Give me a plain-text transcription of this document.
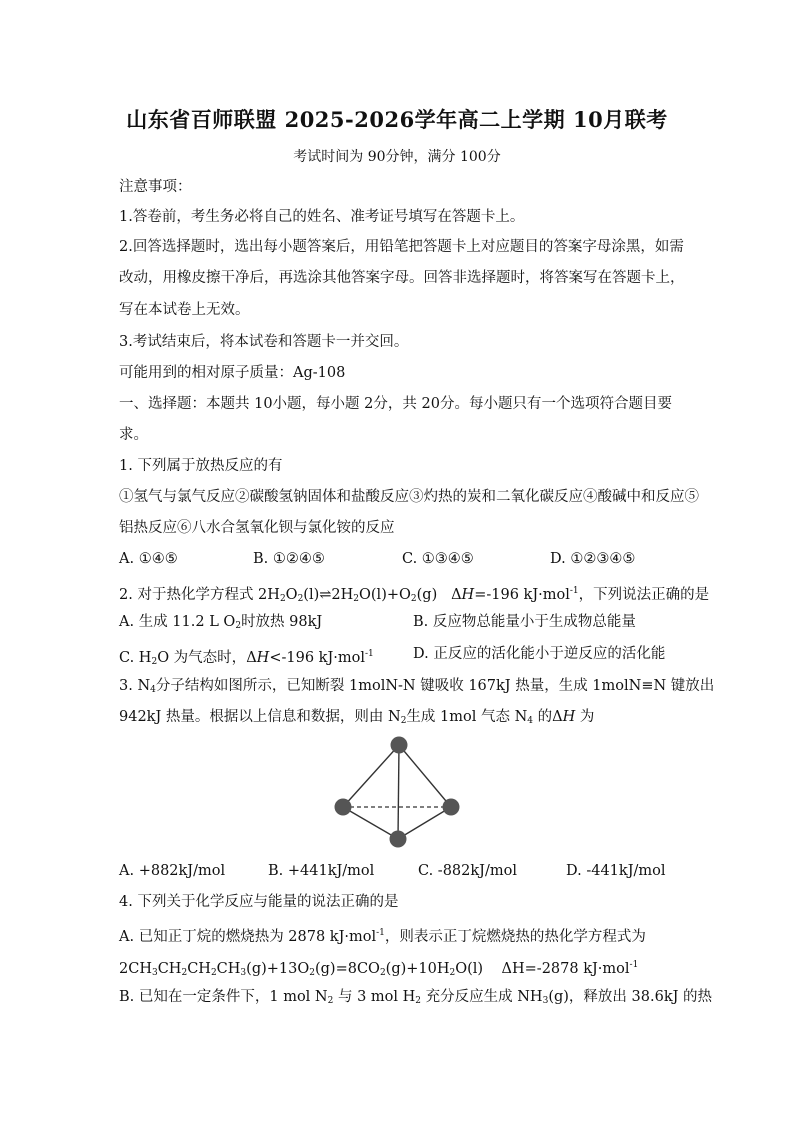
山东省百师联盟 2025-2026学年高二上学期 10月联考
考试时间为 90分钟，满分 100分
注意事项：
1.答卷前，考生务必将自己的姓名、准考证号填写在答题卡上。
2.回答选择题时，选出每小题答案后，用铅笔把答题卡上对应题目的答案字母涂黑，如需
改动，用橡皮擦干净后，再选涂其他答案字母。回答非选择题时，将答案写在答题卡上，
写在本试卷上无效。
3.考试结束后，将本试卷和答题卡一并交回。
可能用到的相对原子质量：Ag-108
一、选择题：本题共 10小题，每小题 2分，共 20分。每小题只有一个选项符合题目要
求。
1. 下列属于放热反应的有
①氢气与氯气反应②碳酸氢钠固体和盐酸反应③灼热的炭和二氧化碳反应④酸碱中和反应⑤
铝热反应⑥八水合氢氧化钡与氯化铵的反应
A. ①④⑤	B. ①②④⑤	C. ①③④⑤	D. ①②③④⑤
2. 对于热化学方程式 $2H_2O_2(l)\rightleftharpoons 2H_2O(l)+O_2(g)$   ΔH=-196 kJ·mol$^{-1}$，下列说法正确的是
A. 生成 11.2 L $O_2$时放热 98kJ	B. 反应物总能量小于生成物总能量
C. $H_2O$ 为气态时，ΔH<-196 kJ·mol$^{-1}$	D. 正反应的活化能小于逆反应的活化能
3. $N_4$分子结构如图所示，已知断裂 1molN-N 键吸收 167kJ 热量，生成 1molN≡N 键放出
942kJ 热量。根据以上信息和数据，则由 $N_2$生成 1mol 气态 $N_4$ 的ΔH 为
A. +882kJ/mol	B. +441kJ/mol	C. -882kJ/mol	D. -441kJ/mol
4. 下列关于化学反应与能量的说法正确的是
A. 已知正丁烷的燃烧热为 2878 kJ·mol$^{-1}$，则表示正丁烷燃烧热的热化学方程式为
$2CH_3CH_2CH_2CH_3(g)+13O_2(g)=8CO_2(g)+10H_2O(l)$    ΔH=-2878 kJ·mol$^{-1}$
B. 已知在一定条件下，1 mol $N_2$ 与 3 mol $H_2$ 充分反应生成 $NH_3(g)$，释放出 38.6kJ 的热
